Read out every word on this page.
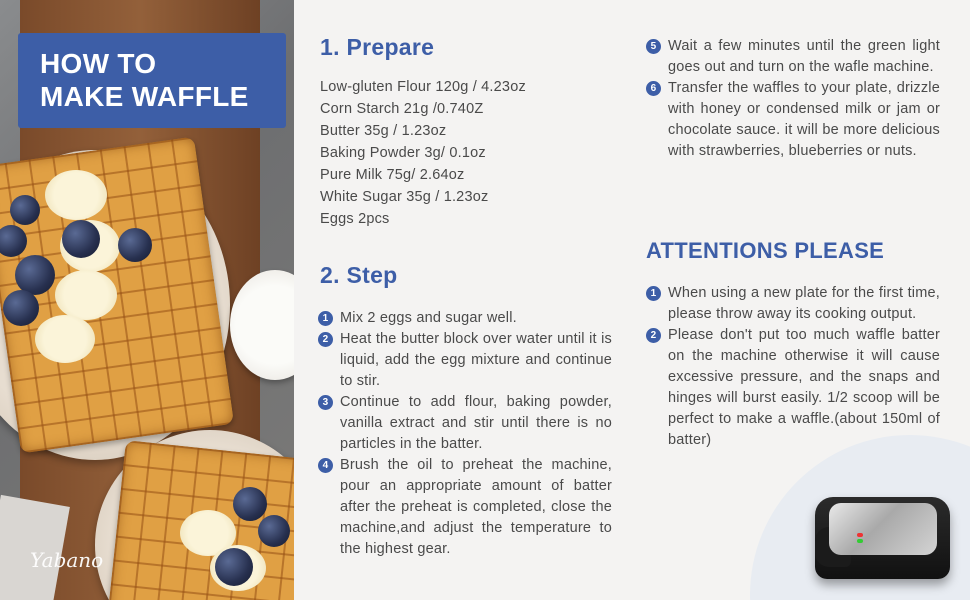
HOW TO
MAKE WAFFLE
Yabano
1. Prepare
Low-gluten Flour 120g / 4.23oz
Corn Starch 21g /0.740Z
Butter 35g / 1.23oz
Baking Powder 3g/ 0.1oz
Pure Milk 75g/ 2.64oz
White Sugar 35g / 1.23oz
Eggs 2pcs
2. Step
1 Mix 2 eggs and sugar well.
2 Heat the butter block over water until it is liquid, add the egg mixture and continue to stir.
3 Continue to add flour, baking powder, vanilla extract and stir until there is no particles in the batter.
4 Brush the oil to preheat the machine, pour an appropriate amount of batter after the preheat is completed, close the machine,and adjust the temperature to the highest gear.
5 Wait a few minutes until the green light goes out and turn on the wafle machine.
6 Transfer the waffles to your plate, drizzle with honey or condensed milk or jam or chocolate sauce. it will be more delicious with strawberries, blueberries or nuts.
ATTENTIONS PLEASE
1 When using a new plate for the first time, please throw away its cooking output.
2 Please don't put too much waffle batter on the machine otherwise it will cause excessive pressure, and the snaps and hinges will burst easily. 1/2 scoop will be perfect to make a waffle.(about 150ml of batter)
